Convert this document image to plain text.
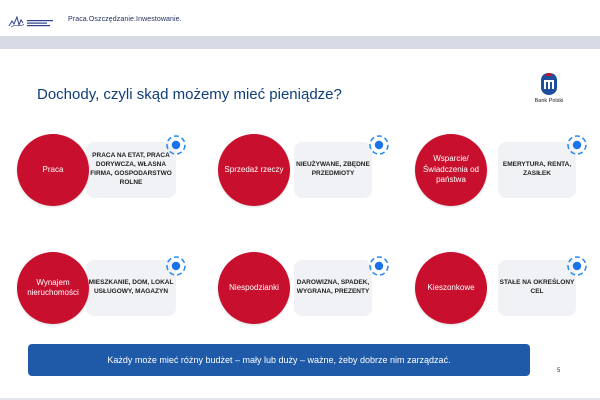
Praca.Oszczędzanie.Inwestowanie.
Dochody, czyli skąd możemy mieć pieniądze?	Bank Polski
PRACA NA ETAT, PRACA DORYWCZA, WŁASNA FIRMA, GOSPODARSTWO ROLNE
Praca
NIEUŻYWANE, ZBĘDNE PRZEDMIOTY
Sprzedaż rzeczy
EMERYTURA, RENTA, ZASIŁEK
Wsparcie/ Świadczenia od państwa
MIESZKANIE, DOM, LOKAL USŁUGOWY, MAGAZYN
Wynajem nieruchomości
DAROWIZNA, SPADEK, WYGRANA, PREZENTY
Niespodzianki
STAŁE NA OKREŚLONY CEL
Kieszonkowe
Każdy może mieć różny budżet – mały lub duży – ważne, żeby dobrze nim zarządzać.
5
